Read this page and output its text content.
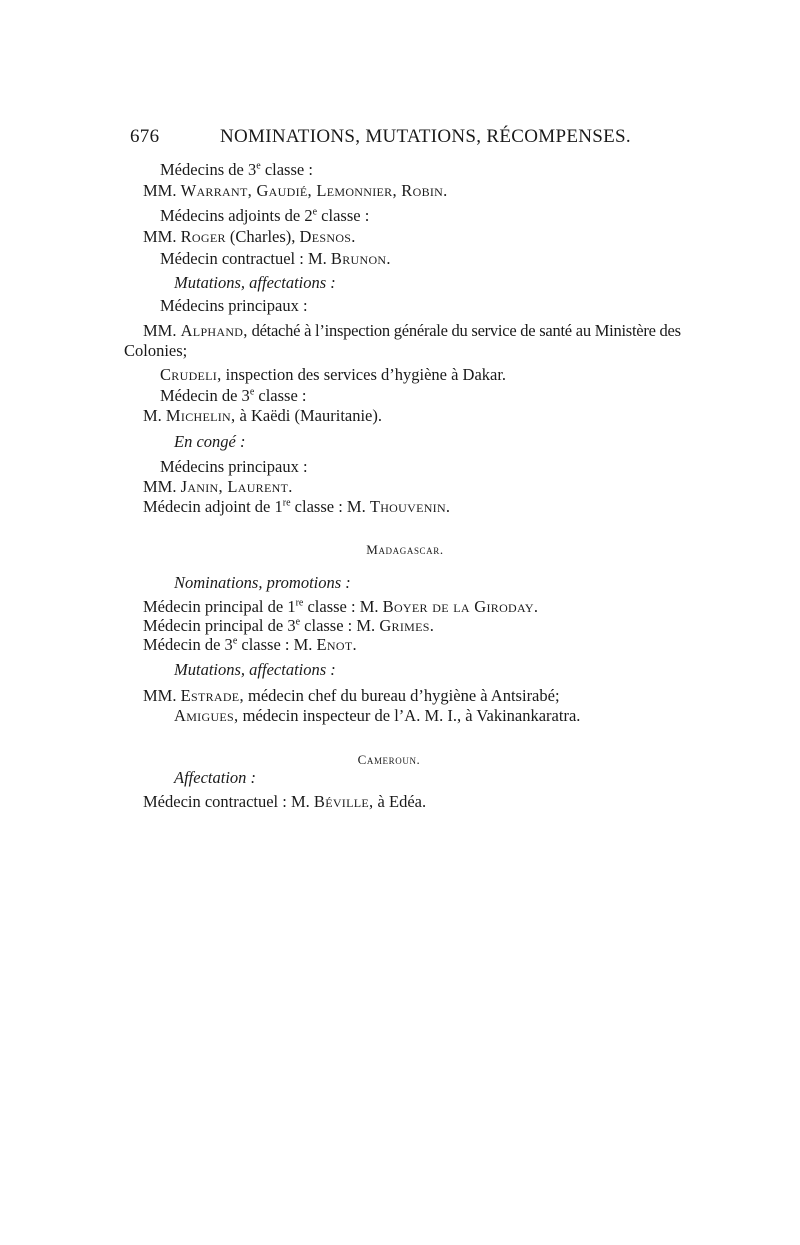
676	NOMINATIONS, MUTATIONS, RÉCOMPENSES.
Médecins de 3e classe :
MM. Warrant, Gaudié, Lemonnier, Robin.
Médecins adjoints de 2e classe :
MM. Roger (Charles), Desnos.
Médecin contractuel : M. Brunon.
Mutations, affectations :
Médecins principaux :
MM. Alphand, détaché à l’inspection générale du service de santé au Ministère des
Colonies;
Crudeli, inspection des services d’hygiène à Dakar.
Médecin de 3e classe :
M. Michelin, à Kaëdi (Mauritanie).
En congé :
Médecins principaux :
MM. Janin, Laurent.
Médecin adjoint de 1re classe : M. Thouvenin.
Madagascar.
Nominations, promotions :
Médecin principal de 1re classe : M. Boyer de la Giroday.
Médecin principal de 3e classe : M. Grimes.
Médecin de 3e classe : M. Enot.
Mutations, affectations :
MM. Estrade, médecin chef du bureau d’hygiène à Antsirabé;
Amigues, médecin inspecteur de l’A. M. I., à Vakinankaratra.
Cameroun.
Affectation :
Médecin contractuel : M. Béville, à Edéa.
